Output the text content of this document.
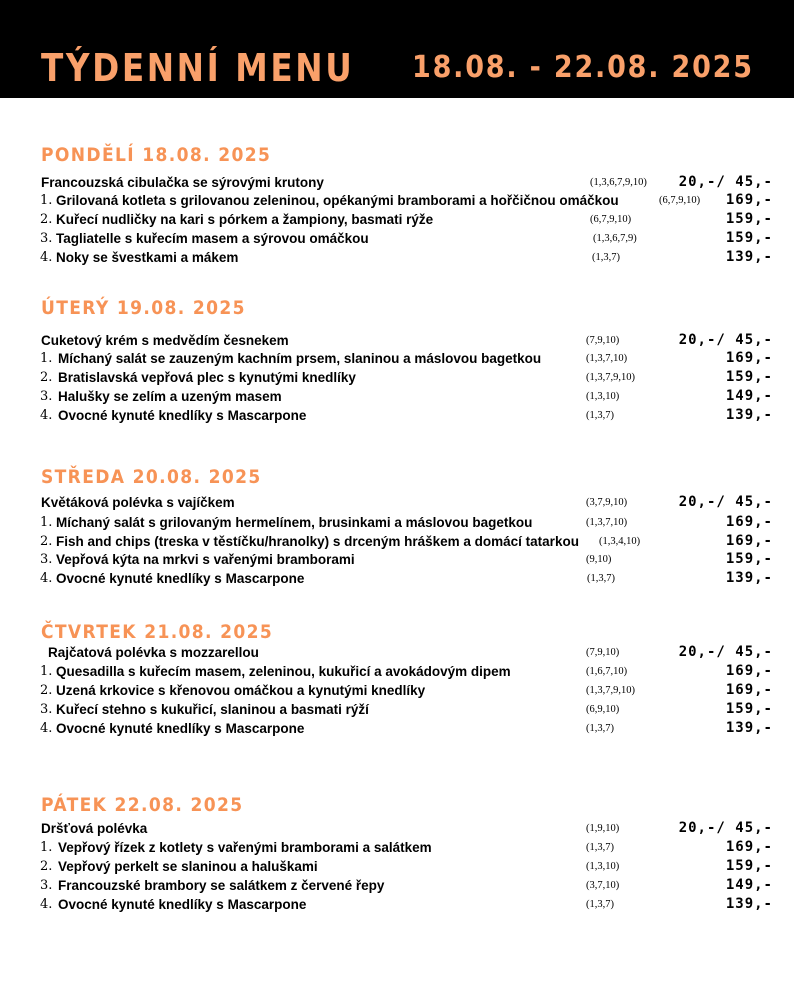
TÝDENNÍ MENU 18.08. - 22.08. 2025
PONDĚLÍ 18.08. 2025
Francouzská cibulačka se sýrovými krutony	(1,3,6,7,9,10) 20,-/ 45,-
1. Grilovaná kotleta s grilovanou zeleninou, opékanými bramborami a hořčičnou omáčkou	(6,7,9,10) 169,-
2. Kuřecí nudličky na kari s pórkem a žampiony, basmati rýže	(6,7,9,10)	159,-
3. Tagliatelle s kuřecím masem a sýrovou omáčkou	(1,3,6,7,9)	159,-
4. Noky se švestkami a mákem	(1,3,7)	139,-
ÚTERÝ 19.08. 2025
Cuketový krém s medvědím česnekem	(7,9,10)	20,-/ 45,-
1. Míchaný salát se zauzeným kachním prsem, slaninou a máslovou bagetkou	(1,3,7,10)	169,-
2. Bratislavská vepřová plec s kynutými knedlíky	(1,3,7,9,10)	159,-
3. Halušky se zelím a uzeným masem	(1,3,10)	149,-
4. Ovocné kynuté knedlíky s Mascarpone	(1,3,7)	139,-
STŘEDA 20.08. 2025
Květáková polévka s vajíčkem	(3,7,9,10)	20,-/ 45,-
1. Míchaný salát s grilovaným hermelínem, brusinkami a máslovou bagetkou	(1,3,7,10)	169,-
2. Fish and chips (treska v těstíčku/hranolky) s drceným hráškem a domácí tatarkou (1,3,4,10)	169,-
3. Vepřová kýta na mrkvi s vařenými bramborami	(9,10)	159,-
4. Ovocné kynuté knedlíky s Mascarpone	(1,3,7)	139,-
ČTVRTEK 21.08. 2025
Rajčatová polévka s mozzarellou	(7,9,10)	20,-/ 45,-
1. Quesadilla s kuřecím masem, zeleninou, kukuřicí a avokádovým dipem	(1,6,7,10)	169,-
2. Uzená krkovice s křenovou omáčkou a kynutými knedlíky	(1,3,7,9,10)	169,-
3. Kuřecí stehno s kukuřicí, slaninou a basmati rýží	(6,9,10)	159,-
4. Ovocné kynuté knedlíky s Mascarpone	(1,3,7)	139,-
PÁTEK 22.08. 2025
Dršťová polévka	(1,9,10)	20,-/ 45,-
1. Vepřový řízek z kotlety s vařenými bramborami a salátkem	(1,3,7)	169,-
2. Vepřový perkelt se slaninou a haluškami	(1,3,10)	159,-
3. Francouzské brambory se salátkem z červené řepy	(3,7,10)	149,-
4. Ovocné kynuté knedlíky s Mascarpone	(1,3,7)	139,-
